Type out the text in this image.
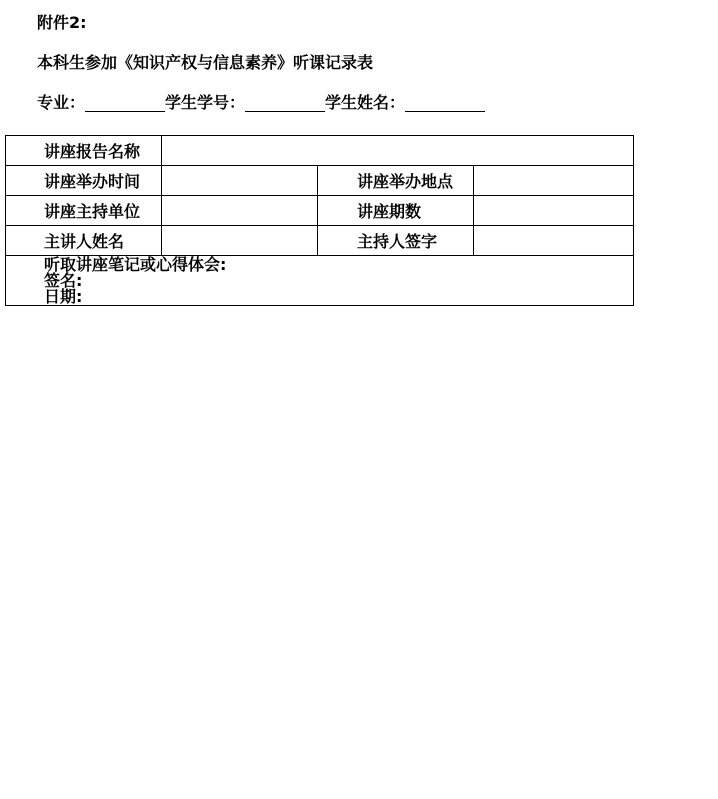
附件2:
本科生参加《知识产权与信息素养》听课记录表
专业：	学生学号：	学生姓名：
讲座报告名称			
讲座举办时间		讲座举办地点	
讲座主持单位		讲座期数	
主讲人姓名		主持人签字	

听取讲座笔记或心得体会:
签名:
日期:			
